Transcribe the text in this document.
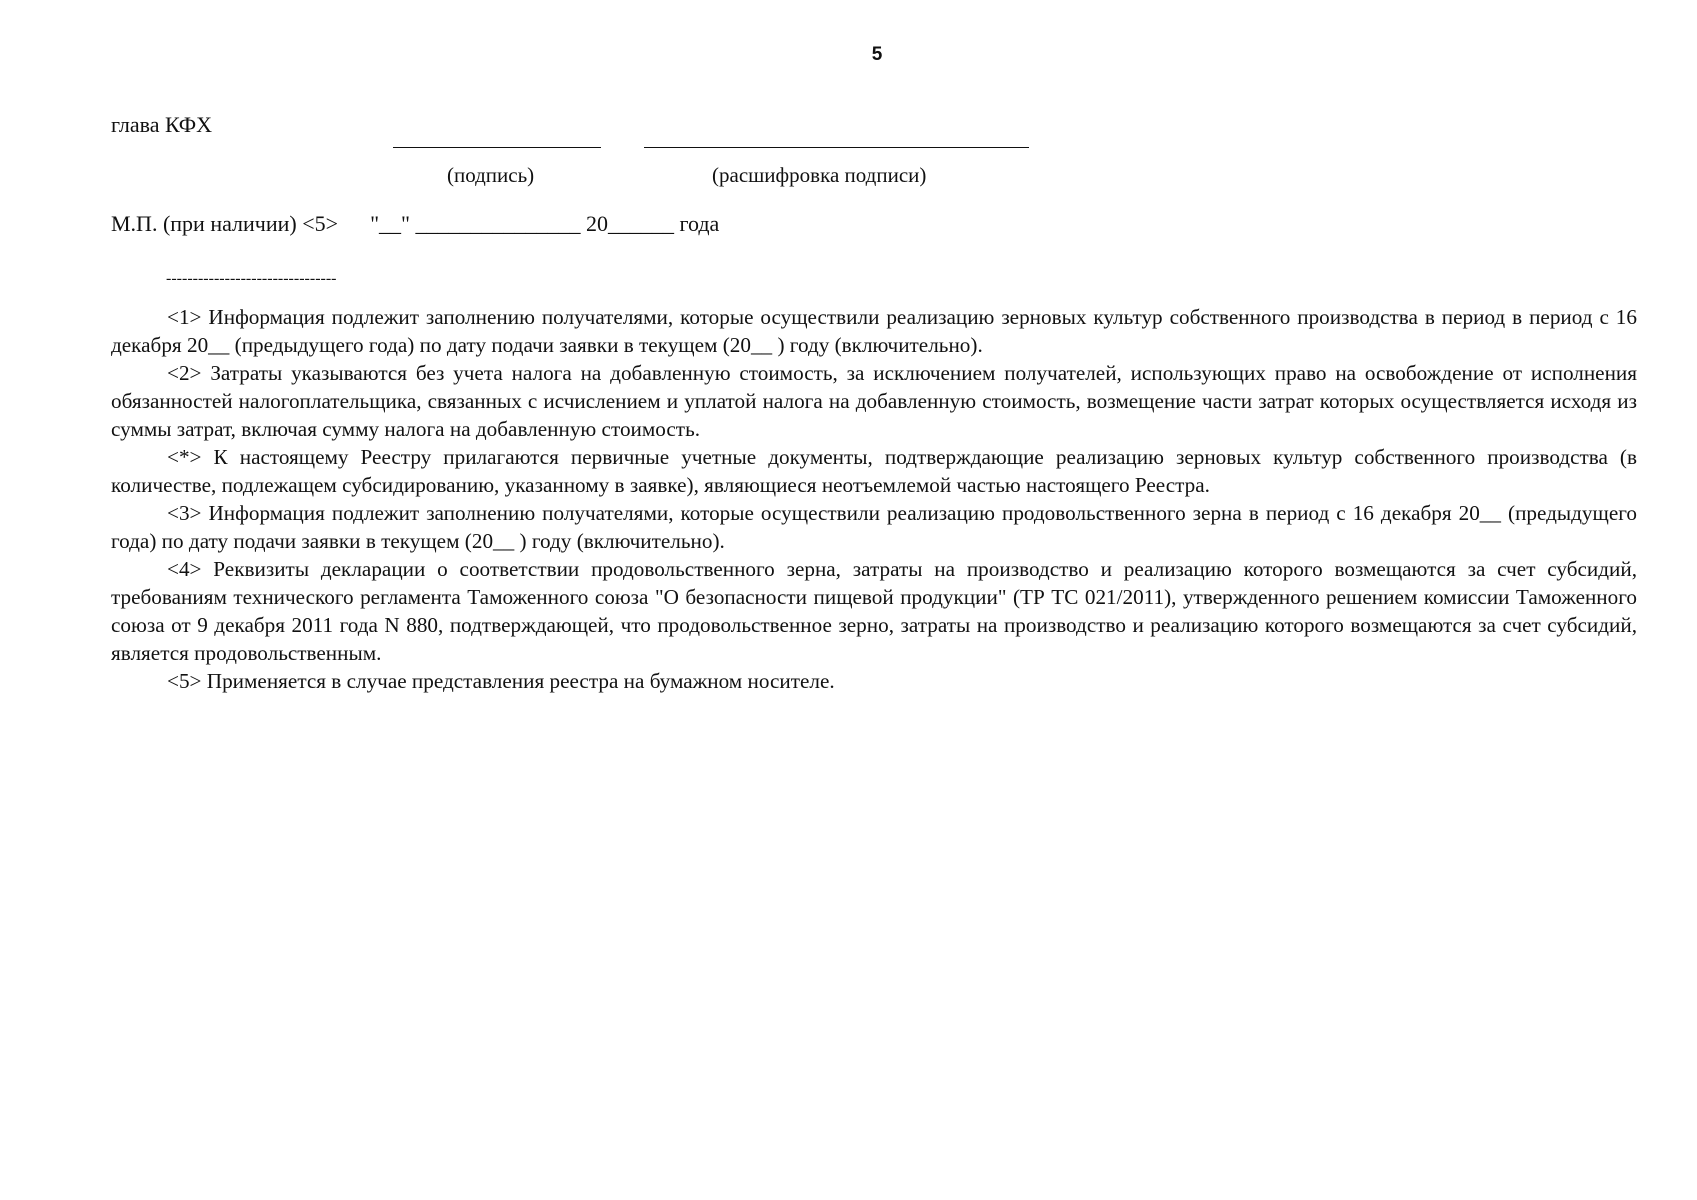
5
глава КФХ
(подпись)	(расшифровка подписи)
М.П. (при наличии) <5> "__" _______________ 20______ года
--------------------------------

<1> Информация подлежит заполнению получателями, которые осуществили реализацию зерновых культур собственного производства в период в период с 16 декабря 20__ (предыдущего года) по дату подачи заявки в текущем (20__ ) году (включительно).

<2> Затраты указываются без учета налога на добавленную стоимость, за исключением получателей, использующих право на освобождение от исполнения обязанностей налогоплательщика, связанных с исчислением и уплатой налога на добавленную стоимость, возмещение части затрат которых осуществляется исходя из суммы затрат, включая сумму налога на добавленную стоимость.

<*> К настоящему Реестру прилагаются первичные учетные документы, подтверждающие реализацию зерновых культур собственного производства (в количестве, подлежащем субсидированию, указанному в заявке), являющиеся неотъемлемой частью настоящего Реестра.

<3> Информация подлежит заполнению получателями, которые осуществили реализацию продовольственного зерна в период с 16 декабря 20__ (предыдущего года) по дату подачи заявки в текущем (20__ ) году (включительно).

<4> Реквизиты декларации о соответствии продовольственного зерна, затраты на производство и реализацию которого возмещаются за счет субсидий, требованиям технического регламента Таможенного союза "О безопасности пищевой продукции" (ТР ТС 021/2011), утвержденного решением комиссии Таможенного союза от 9 декабря 2011 года N 880, подтверждающей, что продовольственное зерно, затраты на производство и реализацию которого возмещаются за счет субсидий, является продовольственным.

<5> Применяется в случае представления реестра на бумажном носителе.
